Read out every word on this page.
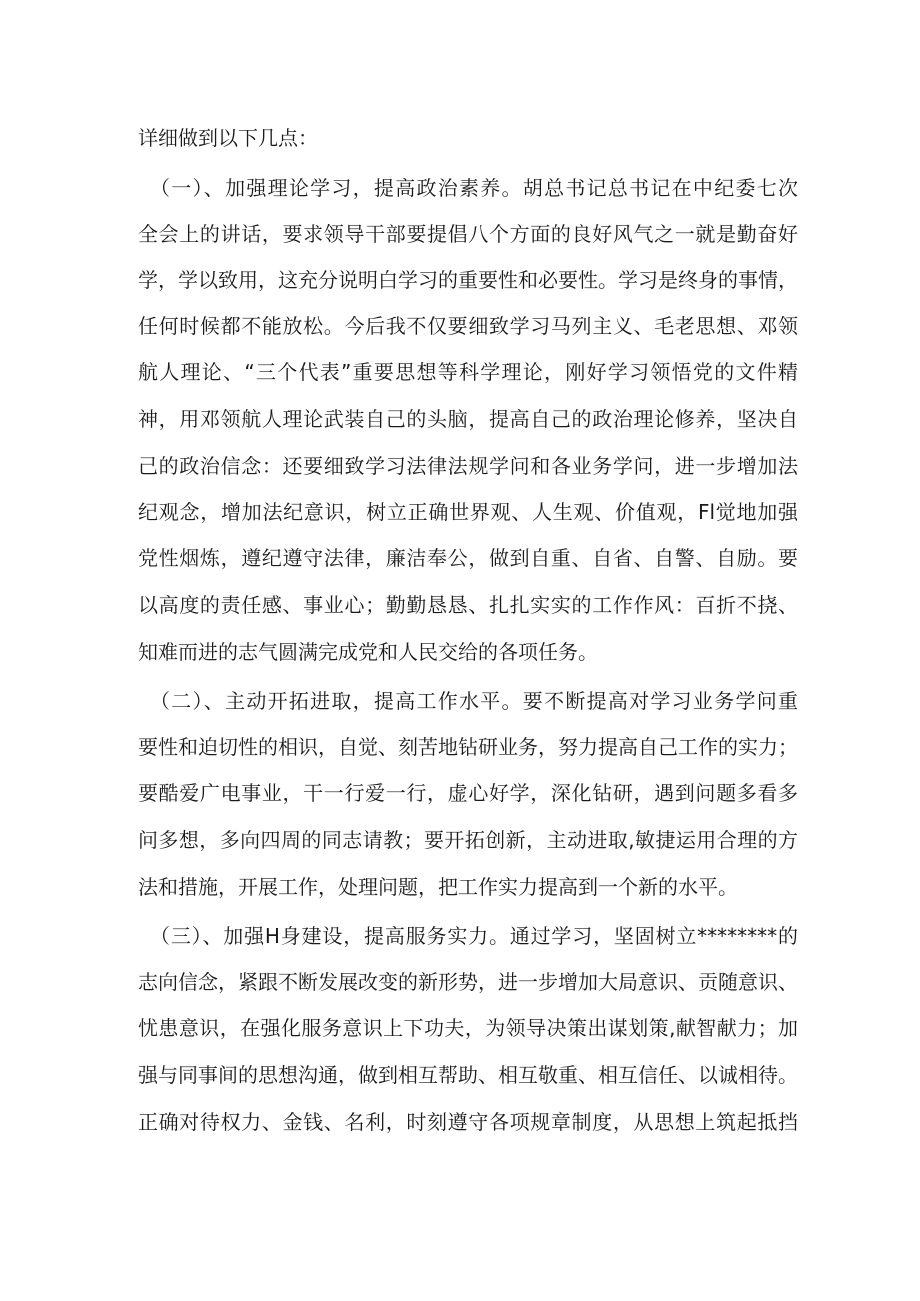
详细做到以下几点：
（一）、加强理论学习，提高政治素养。胡总书记总书记在中纪委七次
全会上的讲话，要求领导干部要提倡八个方面的良好风气之一就是勤奋好
学，学以致用，这充分说明白学习的重要性和必要性。学习是终身的事情，
任何时候都不能放松。今后我不仅要细致学习马列主义、毛老思想、邓领
航人理论、“三个代表”重要思想等科学理论，刚好学习领悟党的文件精
神，用邓领航人理论武装自己的头脑，提高自己的政治理论修养，坚决自
己的政治信念：还要细致学习法律法规学问和各业务学问，进一步增加法
纪观念，增加法纪意识，树立正确世界观、人生观、价值观，Fl觉地加强
党性烟炼，遵纪遵守法律，廉洁奉公，做到自重、自省、自警、自励。要
以高度的责任感、事业心；勤勤恳恳、扎扎实实的工作作风：百折不挠、
知难而进的志气圆满完成党和人民交给的各项任务。
（二）、主动开拓进取，提高工作水平。要不断提高对学习业务学问重
要性和迫切性的相识，自觉、刻苦地钻研业务，努力提高自己工作的实力；
要酷爱广电事业，干一行爱一行，虚心好学，深化钻研，遇到问题多看多
问多想，多向四周的同志请教；要开拓创新，主动进取,敏捷运用合理的方
法和措施，开展工作，处理问题，把工作实力提高到一个新的水平。
（三）、加强H身建设，提高服务实力。通过学习，坚固树立********的
志向信念，紧跟不断发展改变的新形势，进一步增加大局意识、贡随意识、
忧患意识，在强化服务意识上下功夫，为领导决策出谋划策,献智献力；加
强与同事间的思想沟通，做到相互帮助、相互敬重、相互信任、以诚相待。
正确对待权力、金钱、名利，时刻遵守各项规章制度，从思想上筑起抵挡
